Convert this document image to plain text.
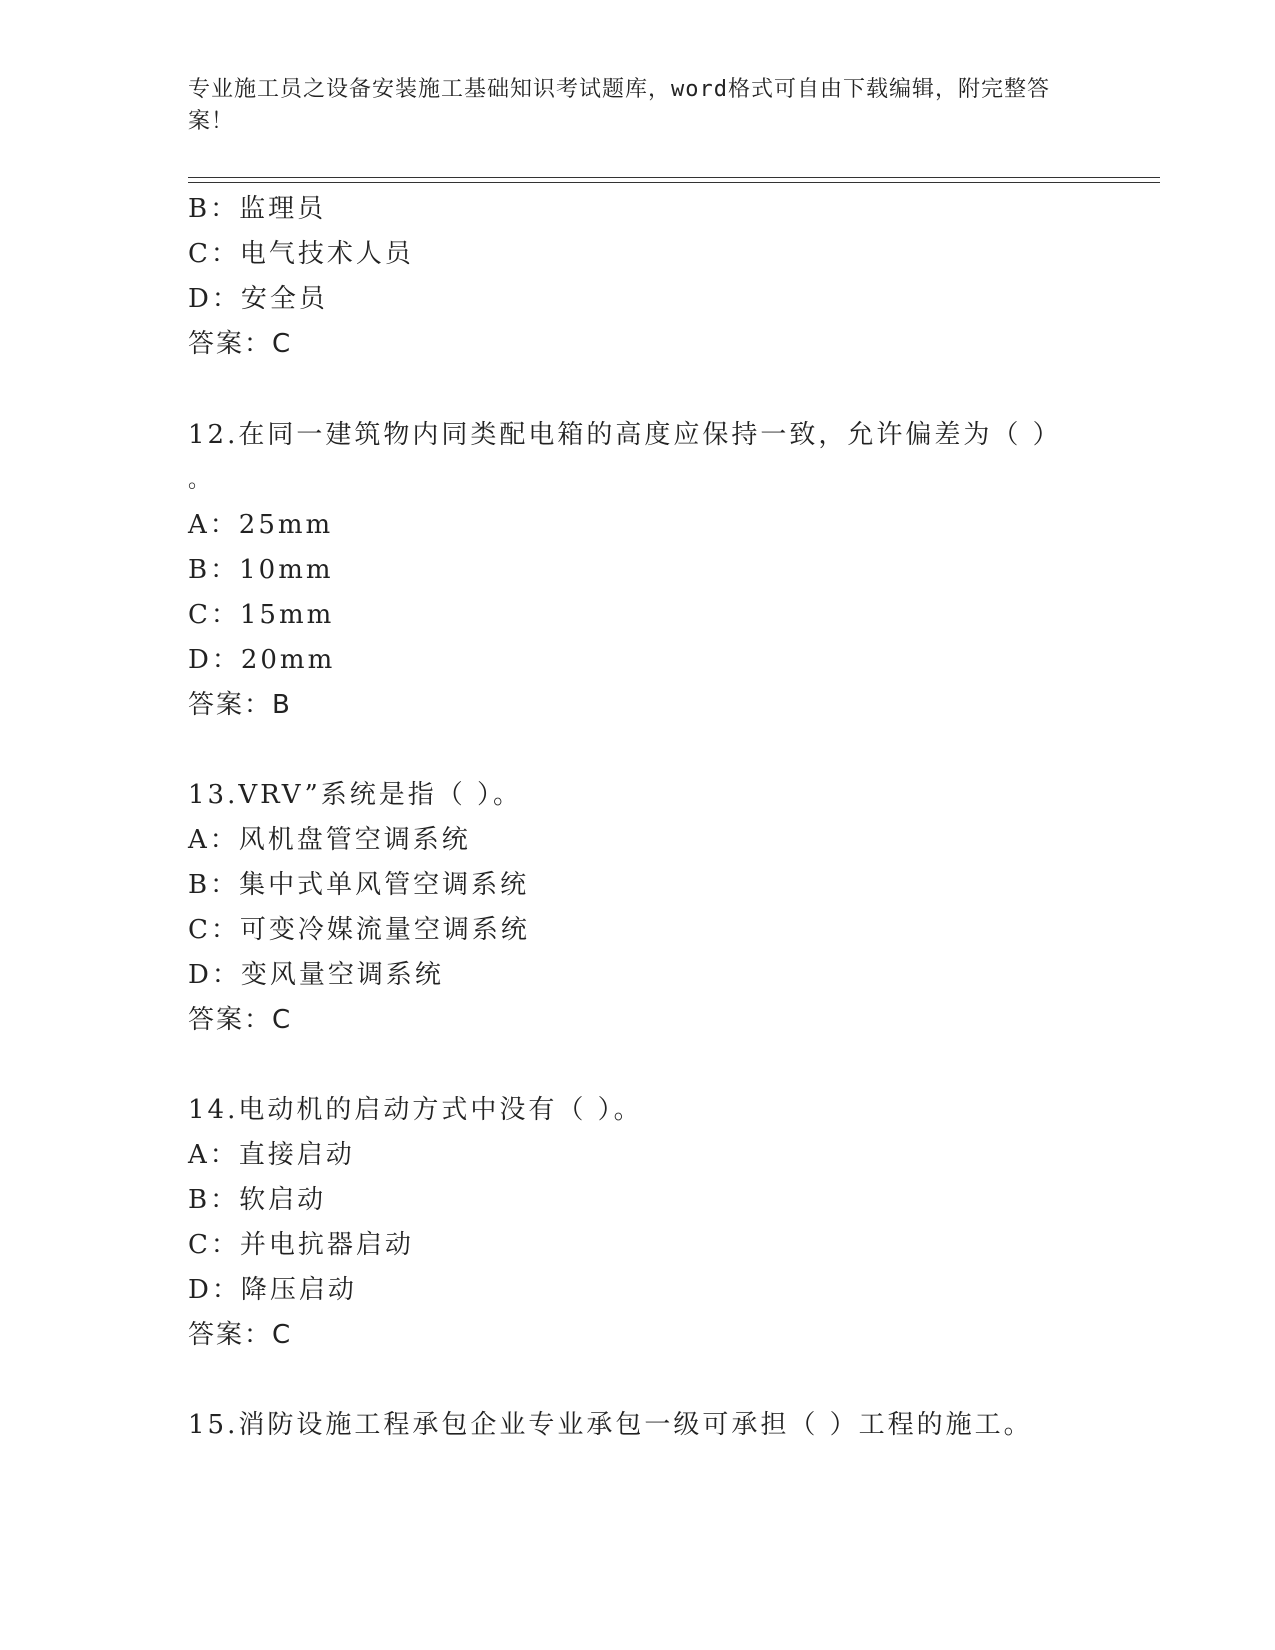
专业施工员之设备安装施工基础知识考试题库，word格式可自由下载编辑，附完整答案！
B：监理员
C：电气技术人员
D：安全员
答案：C
12.在同一建筑物内同类配电箱的高度应保持一致，允许偏差为（ ）
。
A：25mm
B：10mm
C：15mm
D：20mm
答案：B
13.VRV”系统是指（ ）。
A：风机盘管空调系统
B：集中式单风管空调系统
C：可变冷媒流量空调系统
D：变风量空调系统
答案：C
14.电动机的启动方式中没有（ ）。
A：直接启动
B：软启动
C：并电抗器启动
D：降压启动
答案：C
15.消防设施工程承包企业专业承包一级可承担（ ）工程的施工。
